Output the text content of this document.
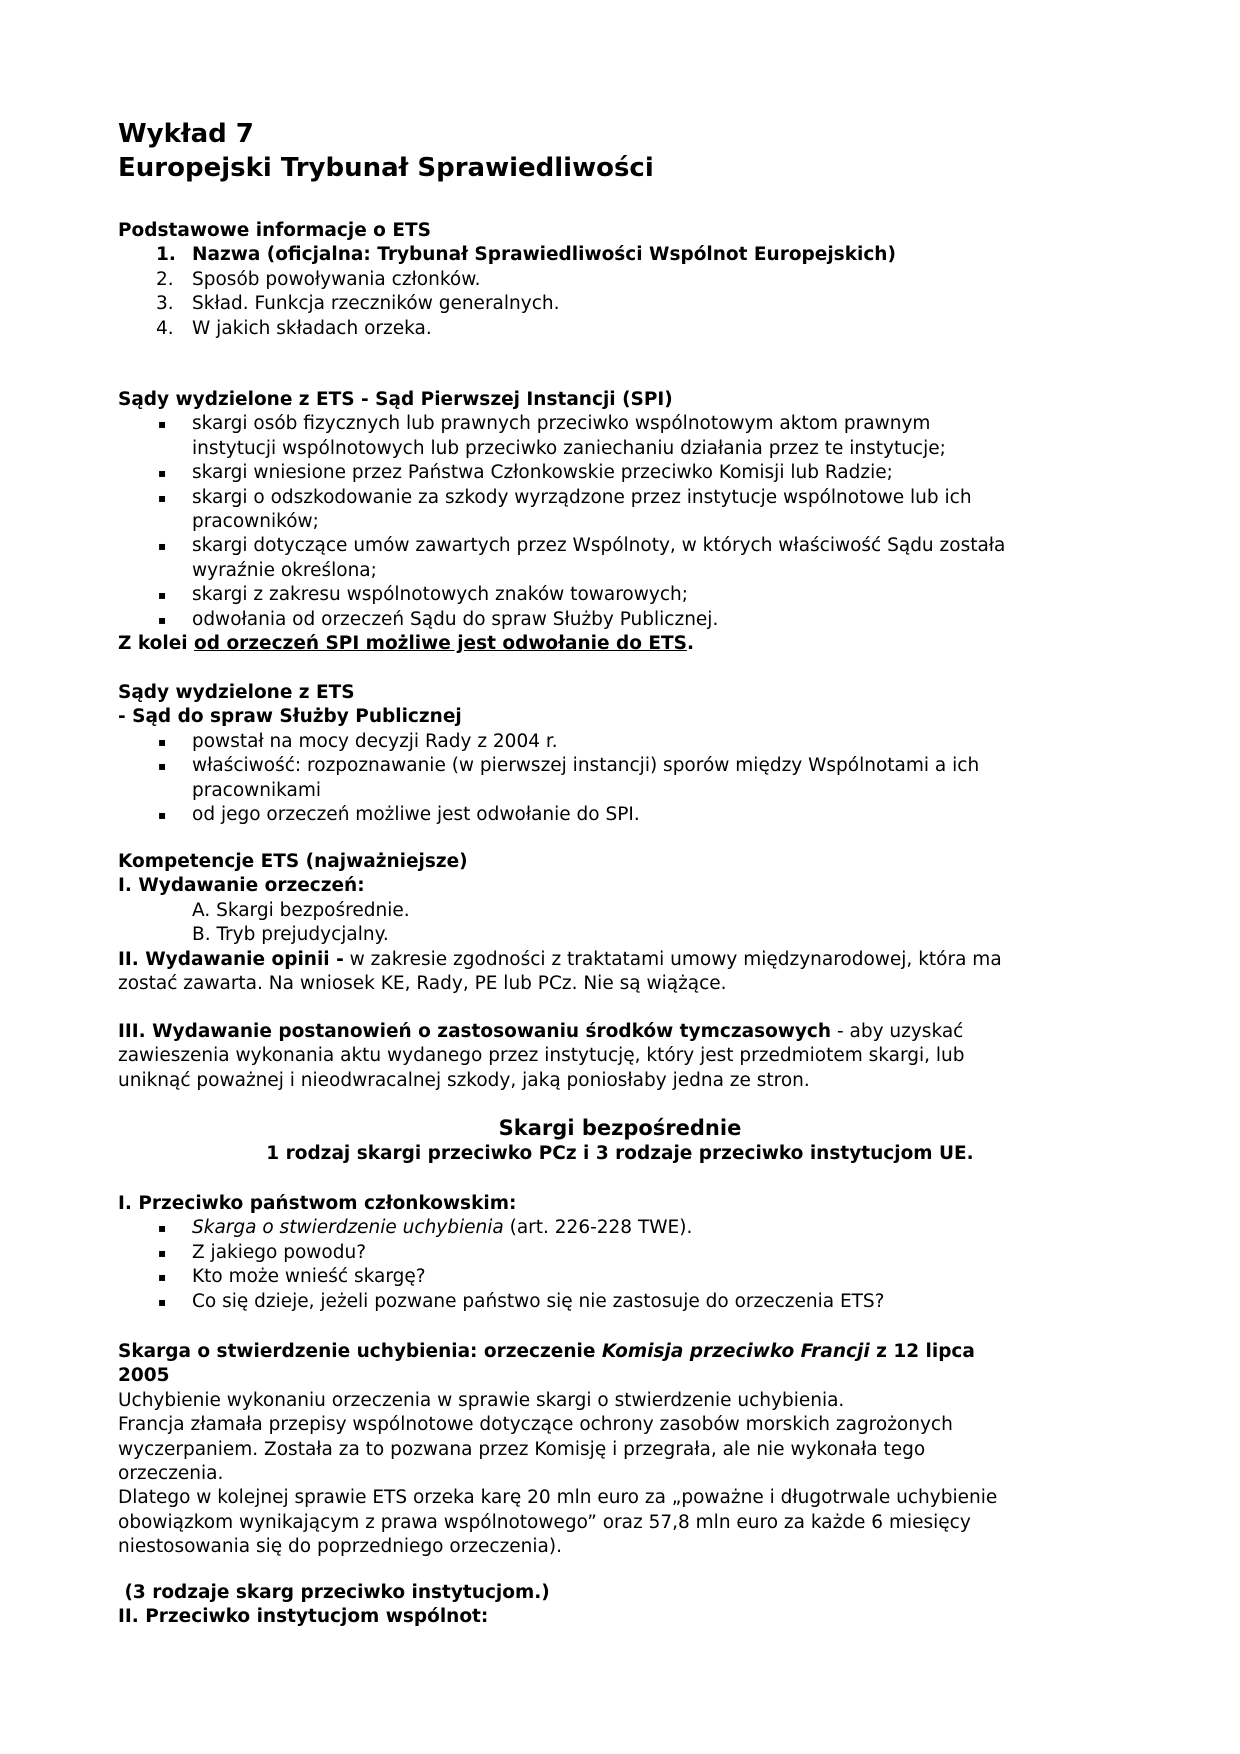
Wykład 7
Europejski Trybunał Sprawiedliwości
Podstawowe informacje o ETS
1. Nazwa (oficjalna: Trybunał Sprawiedliwości Wspólnot Europejskich)
2. Sposób powoływania członków.
3. Skład. Funkcja rzeczników generalnych.
4. W jakich składach orzeka.
Sądy wydzielone z ETS - Sąd Pierwszej Instancji (SPI)
▪ skargi osób fizycznych lub prawnych przeciwko wspólnotowym aktom prawnym
instytucji wspólnotowych lub przeciwko zaniechaniu działania przez te instytucje;
▪ skargi wniesione przez Państwa Członkowskie przeciwko Komisji lub Radzie;
▪ skargi o odszkodowanie za szkody wyrządzone przez instytucje wspólnotowe lub ich
pracowników;
▪ skargi dotyczące umów zawartych przez Wspólnoty, w których właściwość Sądu została
wyraźnie określona;
▪ skargi z zakresu wspólnotowych znaków towarowych;
▪ odwołania od orzeczeń Sądu do spraw Służby Publicznej.
Z kolei od orzeczeń SPI możliwe jest odwołanie do ETS.
Sądy wydzielone z ETS
- Sąd do spraw Służby Publicznej
▪ powstał na mocy decyzji Rady z 2004 r.
▪ właściwość: rozpoznawanie (w pierwszej instancji) sporów między Wspólnotami a ich
pracownikami
▪ od jego orzeczeń możliwe jest odwołanie do SPI.
Kompetencje ETS (najważniejsze)
I. Wydawanie orzeczeń:
A. Skargi bezpośrednie.
B. Tryb prejudycjalny.
II. Wydawanie opinii - w zakresie zgodności z traktatami umowy międzynarodowej, która ma
zostać zawarta. Na wniosek KE, Rady, PE lub PCz. Nie są wiążące.
III. Wydawanie postanowień o zastosowaniu środków tymczasowych - aby uzyskać
zawieszenia wykonania aktu wydanego przez instytucję, który jest przedmiotem skargi, lub
uniknąć poważnej i nieodwracalnej szkody, jaką poniosłaby jedna ze stron.
Skargi bezpośrednie
1 rodzaj skargi przeciwko PCz i 3 rodzaje przeciwko instytucjom UE.
I. Przeciwko państwom członkowskim:
▪ Skarga o stwierdzenie uchybienia (art. 226-228 TWE).
▪ Z jakiego powodu?
▪ Kto może wnieść skargę?
▪ Co się dzieje, jeżeli pozwane państwo się nie zastosuje do orzeczenia ETS?
Skarga o stwierdzenie uchybienia: orzeczenie Komisja przeciwko Francji z 12 lipca
2005
Uchybienie wykonaniu orzeczenia w sprawie skargi o stwierdzenie uchybienia.
Francja złamała przepisy wspólnotowe dotyczące ochrony zasobów morskich zagrożonych
wyczerpaniem. Została za to pozwana przez Komisję i przegrała, ale nie wykonała tego
orzeczenia.
Dlatego w kolejnej sprawie ETS orzeka karę 20 mln euro za „poważne i długotrwale uchybienie
obowiązkom wynikającym z prawa wspólnotowego” oraz 57,8 mln euro za każde 6 miesięcy
niestosowania się do poprzedniego orzeczenia).
(3 rodzaje skarg przeciwko instytucjom.)
II. Przeciwko instytucjom wspólnot:
